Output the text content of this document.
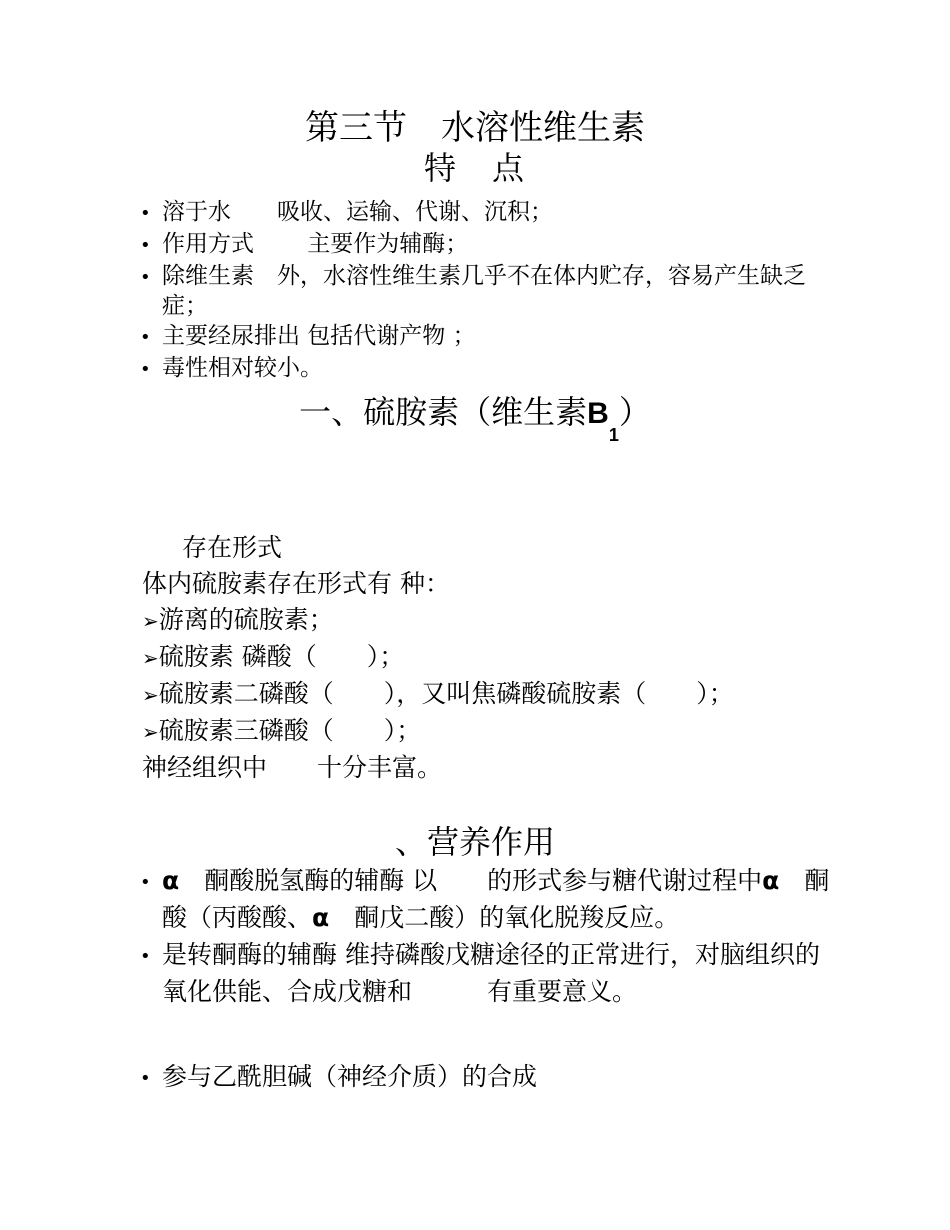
第三节　水溶性维生素
特　点
• 溶于水　　吸收、运输、代谢、沉积；
• 作用方式　　 主要作为辅酶；
• 除维生素　外，水溶性维生素几乎不在体内贮存，容易产生缺乏症；
• 主要经尿排出 包括代谢产物 ；
• 毒性相对较小。
一、硫胺素（维生素$B_1$）
存在形式
体内硫胺素存在形式有 种：
➢游离的硫胺素；
➢硫胺素 磷酸（　　）；
➢硫胺素二磷酸（　　），又叫焦磷酸硫胺素（　　）；
➢硫胺素三磷酸（　　）；
神经组织中　　十分丰富。
、营养作用
• α　酮酸脱氢酶的辅酶 以　　的形式参与糖代谢过程中α　酮酸（丙酸酸、α　酮戊二酸）的氧化脱羧反应。
• 是转酮酶的辅酶 维持磷酸戊糖途径的正常进行，对脑组织的氧化供能、合成戊糖和　　　有重要意义。
• 参与乙酰胆碱（神经介质）的合成
